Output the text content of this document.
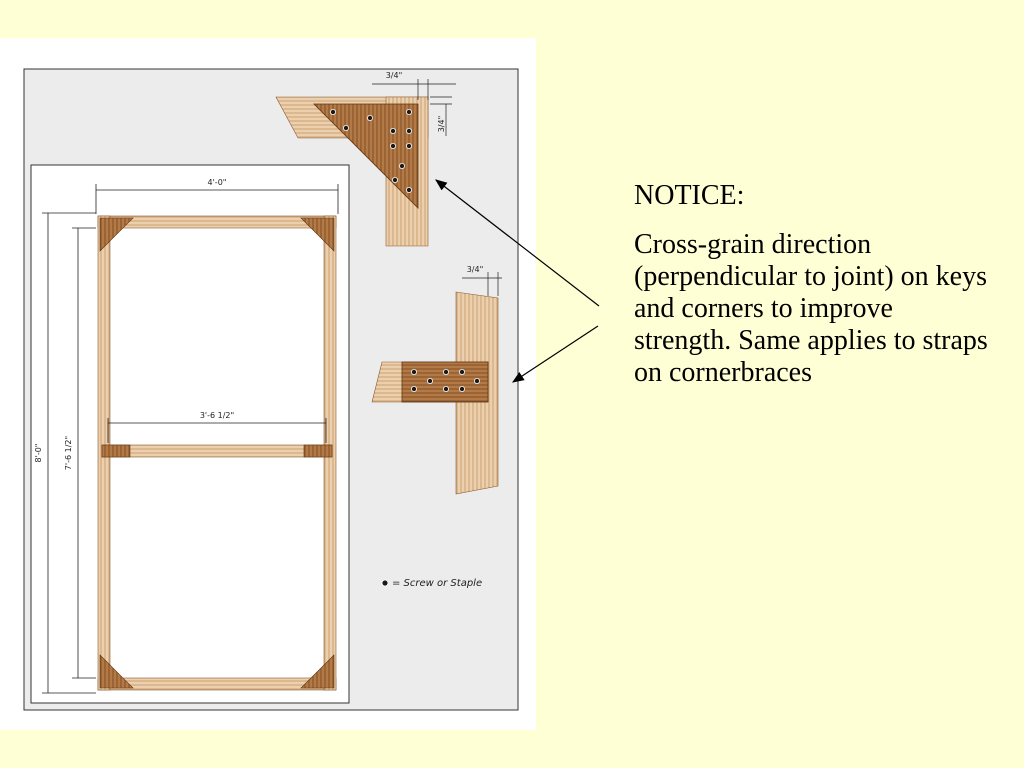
4'-0"
3'-6 1/2"
8'-0"	7'-6 1/2"
3/4"
3/4"
3/4"
= Screw or Staple

NOTICE:

Cross-grain direction (perpendicular to joint) on keys and corners to improve strength. Same applies to straps on cornerbraces
